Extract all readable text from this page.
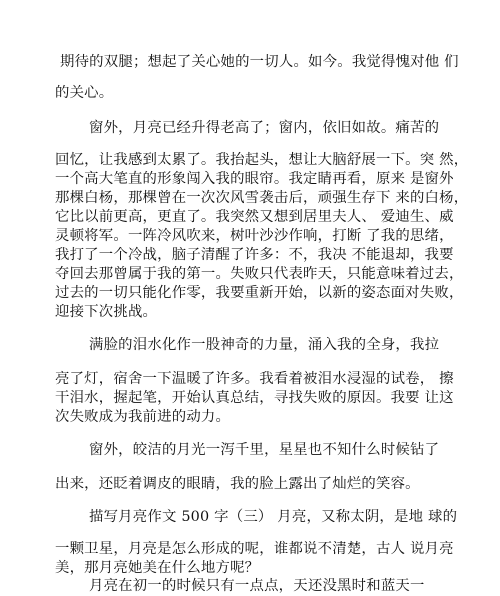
期待的双腿；想起了关心她的一切人。如今。我觉得愧对他 们
的关心。
窗外，月亮已经升得老高了；窗内，依旧如故。痛苦的
回忆，让我感到太累了。我抬起头，想让大脑舒展一下。突 然，
一个高大笔直的形象闯入我的眼帘。我定睛再看，原来 是窗外
那棵白杨，那棵曾在一次次风雪袭击后，顽强生存下 来的白杨，
它比以前更高，更直了。我突然又想到居里夫人、 爱迪生、威
灵顿将军。一阵冷风吹来，树叶沙沙作响，打断 了我的思绪，
我打了一个冷战，脑子清醒了许多：不，我决 不能退却，我要
夺回去那曾属于我的第一。失败只代表昨天，只能意味着过去，
过去的一切只能化作零，我要重新开始，以新的姿态面对失败，
迎接下次挑战。
满脸的泪水化作一股神奇的力量，涌入我的全身，我拉
亮了灯，宿舍一下温暖了许多。我看着被泪水浸湿的试卷， 擦
干泪水，握起笔，开始认真总结，寻找失败的原因。我要 让这
次失败成为我前进的动力。
窗外，皎洁的月光一泻千里，星星也不知什么时候钻了
出来，还眨着调皮的眼睛，我的脸上露出了灿烂的笑容。
描写月亮作文 500 字（三） 月亮，又称太阴，是地 球的
一颗卫星，月亮是怎么形成的呢，谁都说不清楚，古人 说月亮
美，那月亮她美在什么地方呢？
月亮在初一的时候只有一点点，天还没黑时和蓝天一
